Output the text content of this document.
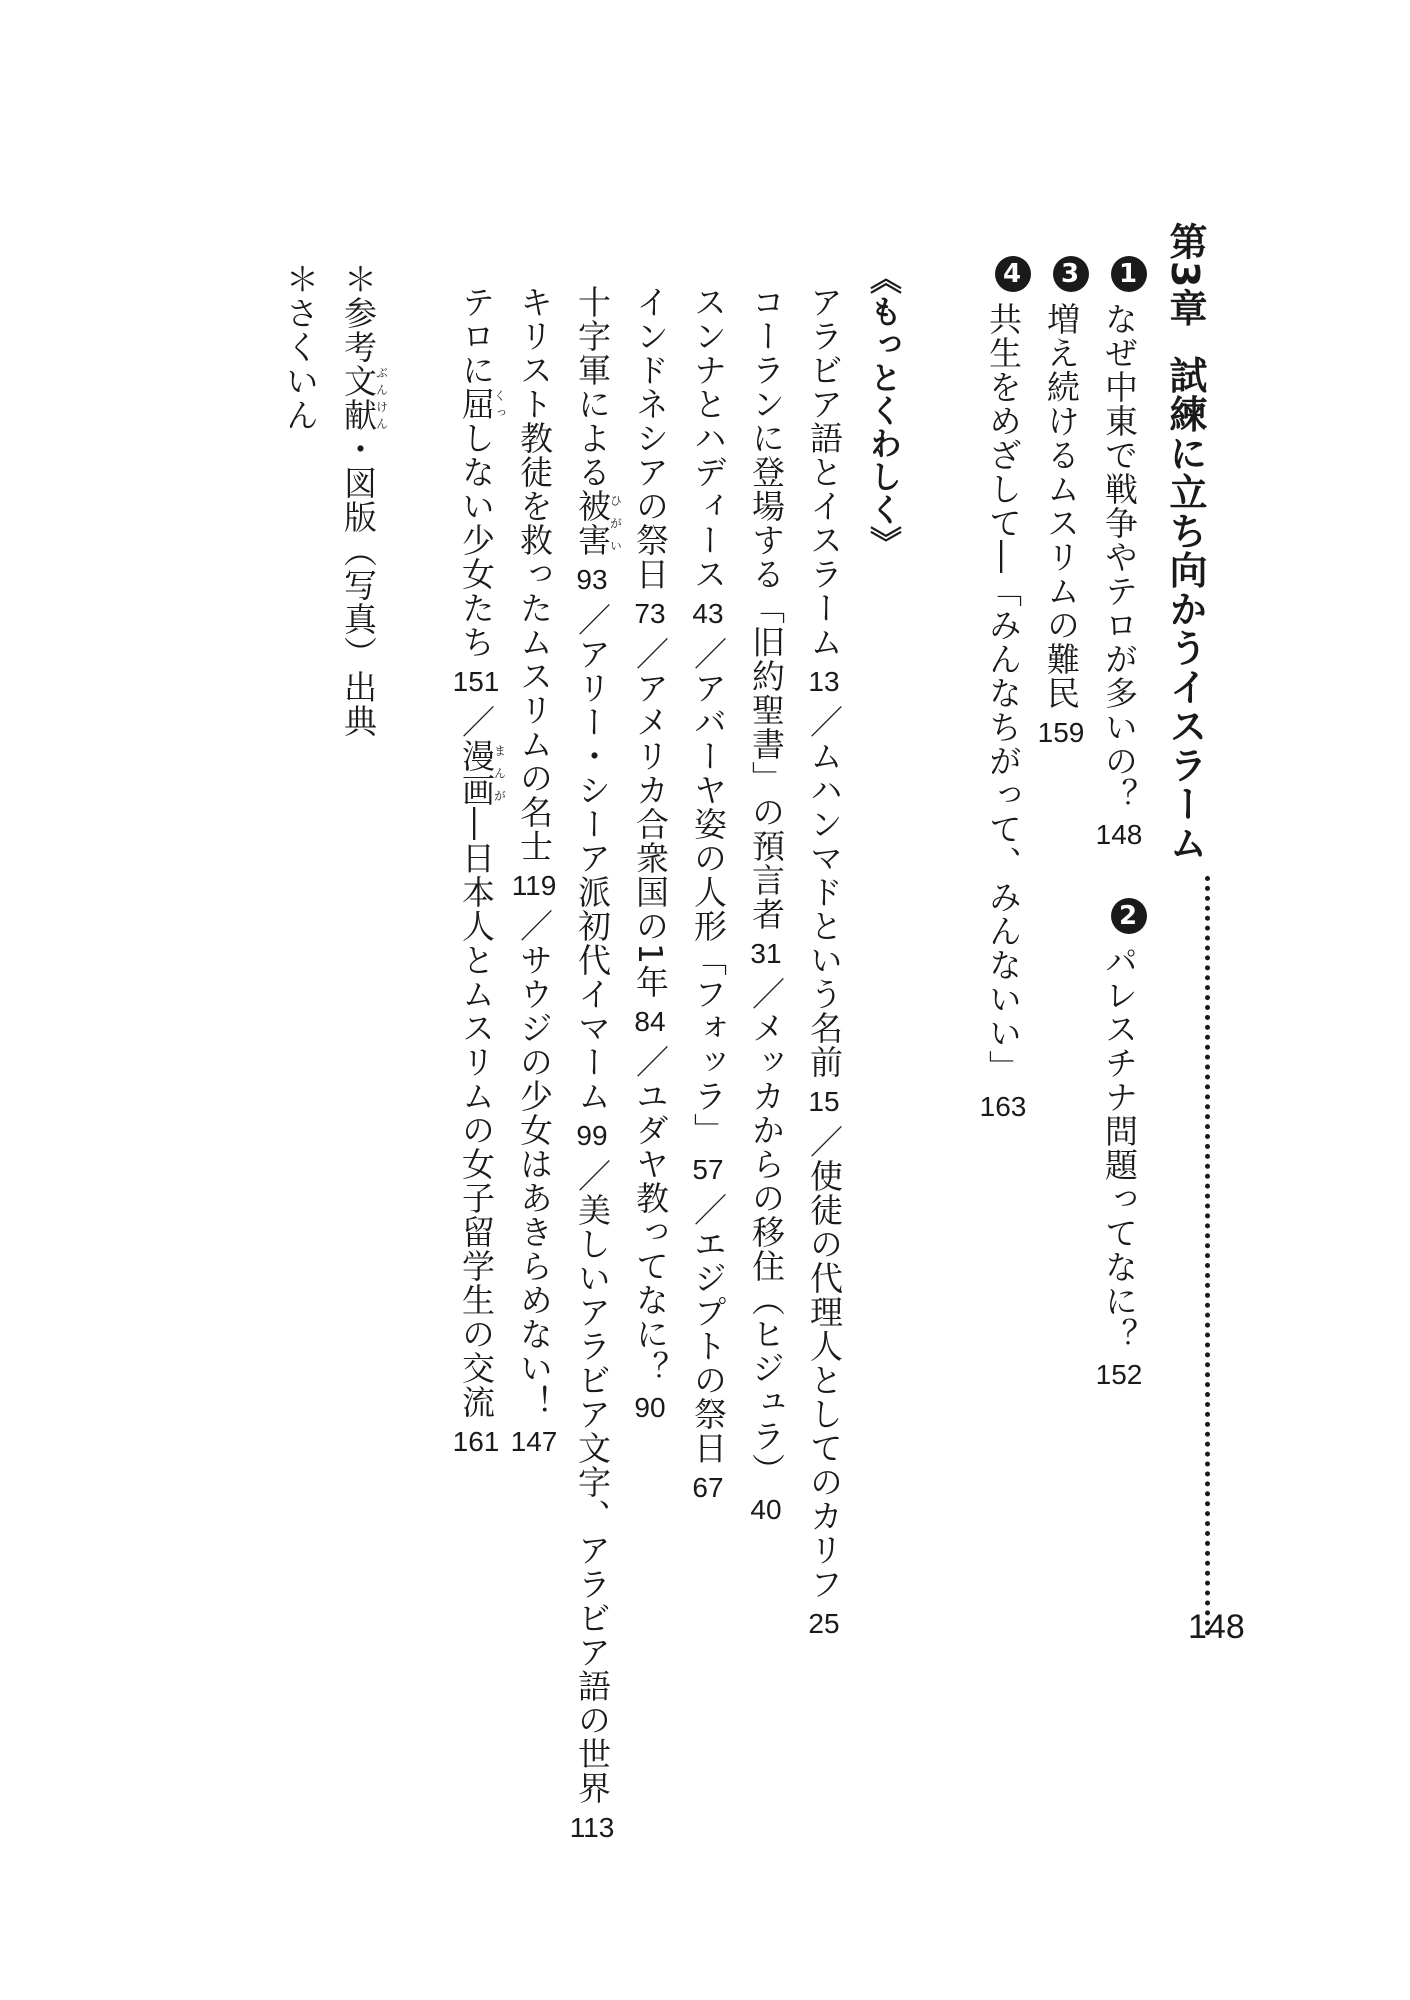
第3章試練に立ち向かうイスラーム
148
1なぜ中東で戦争やテロが多いの？1482パレスチナ問題ってなに？152
3増え続けるムスリムの難民159
4共生をめざして―「みんなちがって、みんないい」163
《もっとくわしく》
アラビア語とイスラーム13／ムハンマドという名前15／使徒の代理人としてのカリフ25
コーランに登場する「旧約聖書」の預言者31／メッカからの移住（ヒジュラ）40
スンナとハディース43／アバーヤ姿の人形「フォッラ」57／エジプトの祭日67
インドネシアの祭日73／アメリカ合衆国の1年84／ユダヤ教ってなに？90
十字軍による被害ひがい93／アリー・シーア派初代イマーム99／美しいアラビア文字、アラビア語の世界113
キリスト教徒を救ったムスリムの名士119／サウジの少女はあきらめない！147
テロに屈くっしない少女たち151／漫画まんが―日本人とムスリムの女子留学生の交流161
＊参考文献ぶんけん・図版（写真）出典
＊さくいん
